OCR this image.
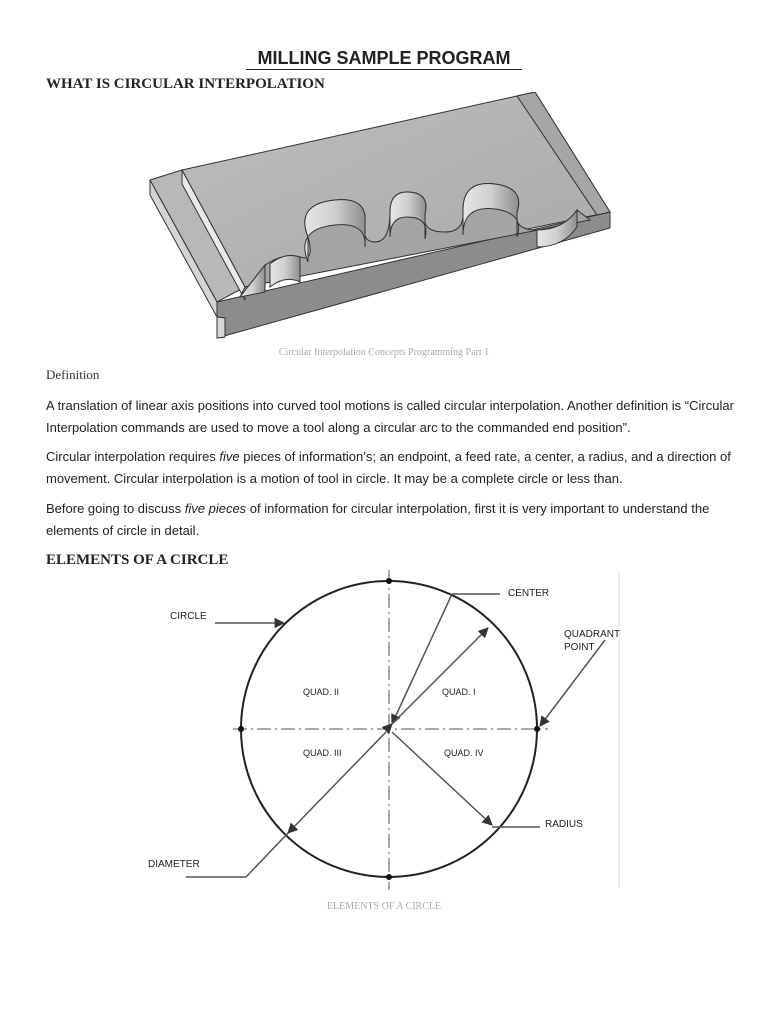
MILLING SAMPLE PROGRAM
WHAT IS CIRCULAR INTERPOLATION
Circular Interpolation Concepts Programming Part 1
Definition

A translation of linear axis positions into curved tool motions is called circular interpolation. Another definition is “Circular Interpolation commands are used to move a tool along a circular arc to the commanded end position”.

Circular interpolation requires five pieces of information’s; an endpoint, a feed rate, a center, a radius, and a direction of movement. Circular interpolation is a motion of tool in circle. It may be a complete circle or less than.

Before going to discuss five pieces of information for circular interpolation, first it is very important to understand the elements of circle in detail.

ELEMENTS OF A CIRCLE
CENTER
CIRCLE
QUADRANT
POINT
QUAD. I
QUAD. II
QUAD. III	QUAD. IV
RADIUS
DIAMETER
ELEMENTS OF A CIRCLE
